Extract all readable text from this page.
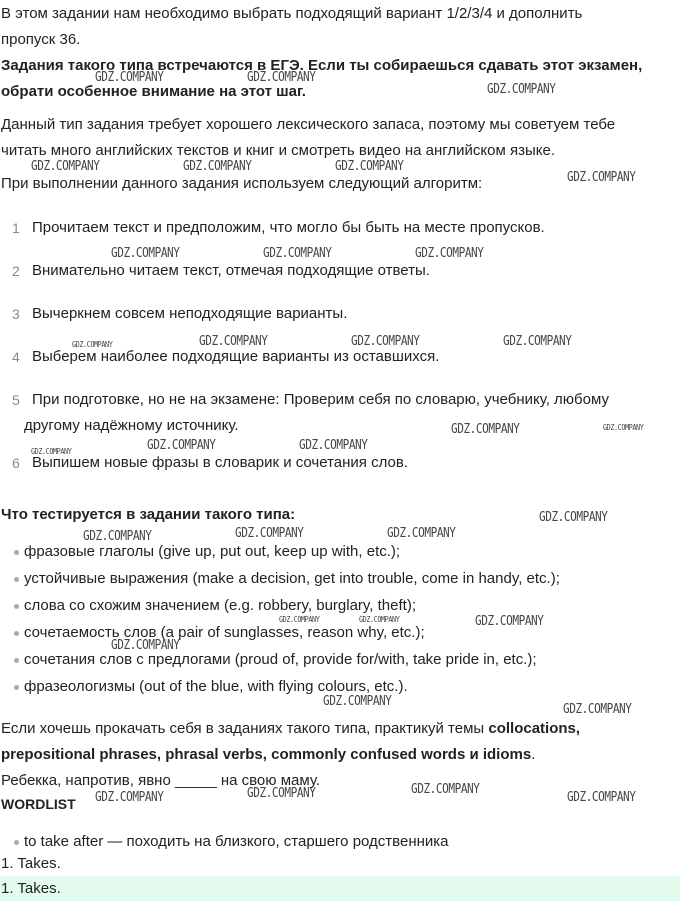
В этом задании нам необходимо выбрать подходящий вариант 1/2/3/4 и дополнить
пропуск 36.
Задания такого типа встречаются в ЕГЭ. Если ты собираешься сдавать этот экзамен,
обрати особенное внимание на этот шаг.
Данный тип задания требует хорошего лексического запаса, поэтому мы советуем тебе
читать много английских текстов и книг и смотреть видео на английском языке.
При выполнении данного задания используем следующий алгоритм:
1 Прочитаем текст и предположим, что могло бы быть на месте пропусков.
2 Внимательно читаем текст, отмечая подходящие ответы.
3 Вычеркнем совсем неподходящие варианты.
4 Выберем наиболее подходящие варианты из оставшихся.
5 При подготовке, но не на экзамене: Проверим себя по словарю, учебнику, любому
другому надёжному источнику.
6 Выпишем новые фразы в словарик и сочетания слов.
Что тестируется в задании такого типа:
фразовые глаголы (give up, put out, keep up with, etc.);
устойчивые выражения (make a decision, get into trouble, come in handy, etc.);
слова со схожим значением (e.g. robbery, burglary, theft);
сочетаемость слов (a pair of sunglasses, reason why, etc.);
сочетания слов с предлогами (proud of, provide for/with, take pride in, etc.);
фразеологизмы (out of the blue, with flying colours, etc.).
Если хочешь прокачать себя в заданиях такого типа, практикуй темы collocations,
prepositional phrases, phrasal verbs, commonly confused words и idioms.
Ребекка, напротив, явно _____ на свою маму.
WORDLIST
to take after — походить на близкого, старшего родственника
1. Takes.
1. Takes.
GDZ.COMPANY	GDZ.COMPANY
GDZ.COMPANY
GDZ.COMPANY	GDZ.COMPANY	GDZ.COMPANY
GDZ.COMPANY
GDZ.COMPANY	GDZ.COMPANY	GDZ.COMPANY
GDZ.COMPANY	GDZ.COMPANY	GDZ.COMPANY	GDZ.COMPANY
GDZ.COMPANY	GDZ.COMPANY
GDZ.COMPANY	GDZ.COMPANY	GDZ.COMPANY
GDZ.COMPANY
GDZ.COMPANY	GDZ.COMPANY	GDZ.COMPANY
GDZ.COMPANY	GDZ.COMPANY	GDZ.COMPANY
GDZ.COMPANY
GDZ.COMPANY
GDZ.COMPANY
GDZ.COMPANY	GDZ.COMPANY	GDZ.COMPANY
GDZ.COMPANY
